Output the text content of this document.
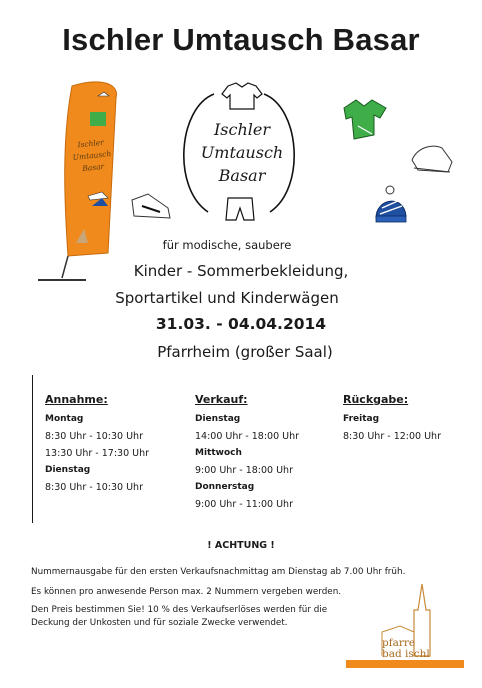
Ischler Umtausch Basar
Ischler
Umtausch
Basar
Ischler
Umtausch
Basar
für modische, saubere
Kinder - Sommerbekleidung,
Sportartikel und Kinderwägen
31.03. - 04.04.2014
Pfarrheim (großer Saal)
Annahme:
Montag
8:30 Uhr - 10:30 Uhr
13:30 Uhr - 17:30 Uhr
Dienstag
8:30 Uhr - 10:30 Uhr
Verkauf:
Dienstag
14:00 Uhr - 18:00 Uhr
Mittwoch
9:00 Uhr - 18:00 Uhr
Donnerstag
9:00 Uhr - 11:00 Uhr
Rückgabe:
Freitag
8:30 Uhr - 12:00 Uhr
! ACHTUNG !
Nummernausgabe für den ersten Verkaufsnachmittag am Dienstag ab 7.00 Uhr früh.
Es können pro anwesende Person max. 2 Nummern vergeben werden.
Den Preis bestimmen Sie! 10 % des Verkaufserlöses werden für die
Deckung der Unkosten und für soziale Zwecke verwendet.
pfarre
bad ischl
